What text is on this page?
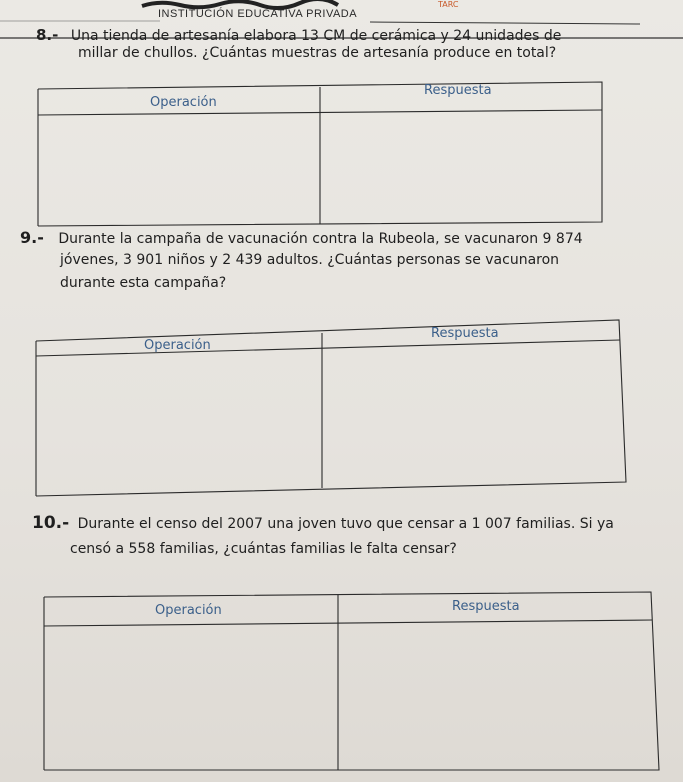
TARC
INSTITUCIÓN EDUCATIVA PRIVADA
8.- Una tienda de artesanía elabora 13 CM de cerámica y 24 unidades de
millar de chullos. ¿Cuántas muestras de artesanía produce en total?
9.- Durante la campaña de vacunación contra la Rubeola, se vacunaron 9 874
jóvenes, 3 901 niños y 2 439 adultos. ¿Cuántas personas se vacunaron
durante esta campaña?
10.- Durante el censo del 2007 una joven tuvo que censar a 1 007 familias. Si ya
censó a 558 familias, ¿cuántas familias le falta censar?
Operación
Respuesta
Operación
Respuesta
Operación	Respuesta
